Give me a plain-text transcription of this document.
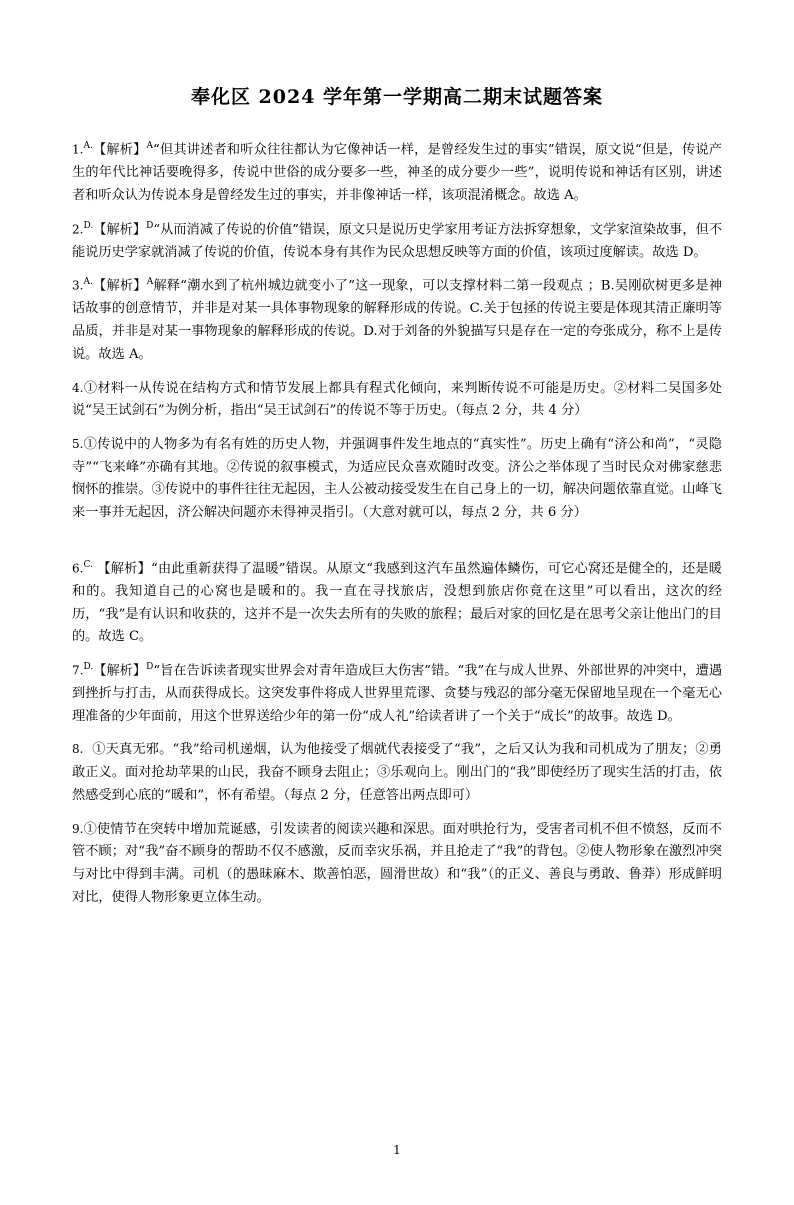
奉化区 2024 学年第一学期高二期末试题答案
1.$^{A.}$【解析】$^A$“但其讲述者和听众往往都认为它像神话一样，是曾经发生过的事实”错误，原文说“但是，传说产生的年代比神话要晚得多，传说中世俗的成分要多一些，神圣的成分要少一些”，说明传说和神话有区别，讲述者和听众认为传说本身是曾经发生过的事实，并非像神话一样，该项混淆概念。故选 A。
2.$^{D.}$【解析】$^D$“从而消减了传说的价值”错误，原文只是说历史学家用考证方法拆穿想象，文学家渲染故事，但不能说历史学家就消减了传说的价值，传说本身有其作为民众思想反映等方面的价值，该项过度解读。故选 D。
3.$^{A.}$【解析】$^A$解释“潮水到了杭州城边就变小了”这一现象，可以支撑材料二第一段观点 ；B.吴刚砍树更多是神话故事的创意情节，并非是对某一具体事物现象的解释形成的传说。C.关于包拯的传说主要是体现其清正廉明等品质，并非是对某一事物现象的解释形成的传说。D.对于刘备的外貌描写只是存在一定的夸张成分，称不上是传说。故选 A。
4.①材料一从传说在结构方式和情节发展上都具有程式化倾向，来判断传说不可能是历史。②材料二吴国多处说“吴王试剑石”为例分析，指出“吴王试剑石”的传说不等于历史。（每点 2 分，共 4 分）
5.①传说中的人物多为有名有姓的历史人物，并强调事件发生地点的“真实性”。历史上确有“济公和尚”，“灵隐寺”“飞来峰”亦确有其地。②传说的叙事模式，为适应民众喜欢随时改变。济公之举体现了当时民众对佛家慈悲悯怀的推崇。③传说中的事件往往无起因，主人公被动接受发生在自己身上的一切，解决问题依靠直觉。山峰飞来一事并无起因，济公解决问题亦未得神灵指引。（大意对就可以，每点 2 分，共 6 分）
6.$^{C.}$ 【解析】“由此重新获得了温暖”错误。从原文“我感到这汽车虽然遍体鳞伤，可它心窝还是健全的，还是暖和的。我知道自己的心窝也是暖和的。我一直在寻找旅店，没想到旅店你竟在这里”可以看出，这次的经历，“我”是有认识和收获的，这并不是一次失去所有的失败的旅程；最后对家的回忆是在思考父亲让他出门的目的。故选 C。
7.$^{D.}$【解析】$^D$“旨在告诉读者现实世界会对青年造成巨大伤害”错。“我”在与成人世界、外部世界的冲突中，遭遇到挫折与打击，从而获得成长。这突发事件将成人世界里荒谬、贪婪与残忍的部分毫无保留地呈现在一个毫无心理准备的少年面前，用这个世界送给少年的第一份“成人礼”给读者讲了一个关于“成长”的故事。故选 D。
8. ①天真无邪。“我”给司机递烟，认为他接受了烟就代表接受了“我”，之后又认为我和司机成为了朋友；②勇敢正义。面对抢劫苹果的山民，我奋不顾身去阻止；③乐观向上。刚出门的“我”即使经历了现实生活的打击，依然感受到心底的“暖和”，怀有希望。（每点 2 分，任意答出两点即可）
9.①使情节在突转中增加荒诞感，引发读者的阅读兴趣和深思。面对哄抢行为，受害者司机不但不愤怒，反而不管不顾；对“我”奋不顾身的帮助不仅不感激，反而幸灾乐祸，并且抢走了“我”的背包。②使人物形象在激烈冲突与对比中得到丰满。司机（的愚昧麻木、欺善怕恶，圆滑世故）和“我”（的正义、善良与勇敢、鲁莽）形成鲜明对比，使得人物形象更立体生动。
1
